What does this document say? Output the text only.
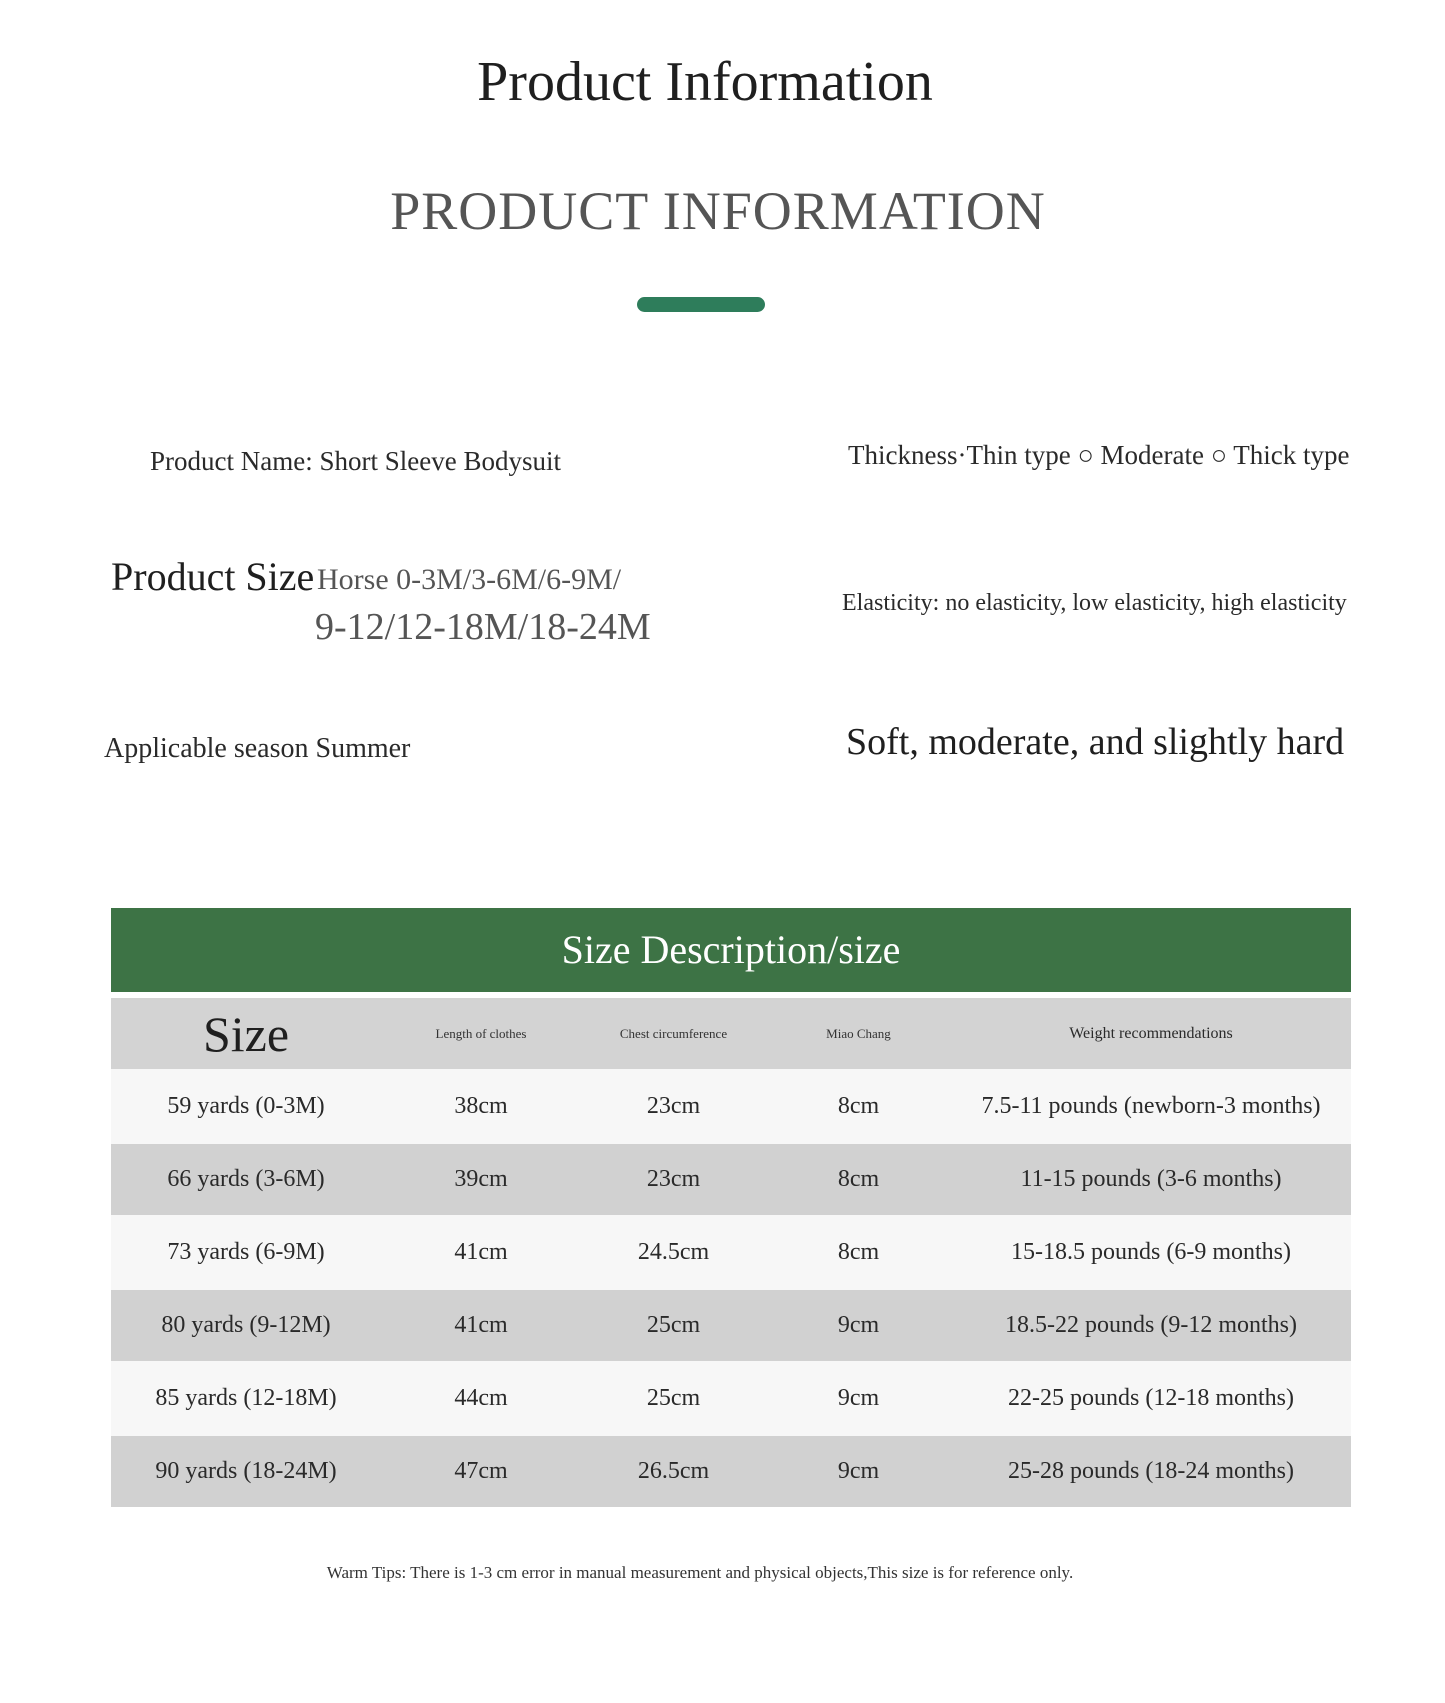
Product Information
PRODUCT INFORMATION
Product Name: Short Sleeve Bodysuit	Thickness·Thin type ○ Moderate ○ Thick type
Product Size Horse 0-3M/3-6M/6-9M/
9-12/12-18M/18-24M
Elasticity: no elasticity, low elasticity, high elasticity
Applicable season Summer	Soft, moderate, and slightly hard
Size Description/size
Size	Length of clothes	Chest circumference	Miao Chang	Weight recommendations
59 yards (0-3M)	38cm	23cm	8cm	7.5-11 pounds (newborn-3 months)
66 yards (3-6M)	39cm	23cm	8cm	11-15 pounds (3-6 months)
73 yards (6-9M)	41cm	24.5cm	8cm	15-18.5 pounds (6-9 months)
80 yards (9-12M)	41cm	25cm	9cm	18.5-22 pounds (9-12 months)
85 yards (12-18M)	44cm	25cm	9cm	22-25 pounds (12-18 months)
90 yards (18-24M)	47cm	26.5cm	9cm	25-28 pounds (18-24 months)
Warm Tips: There is 1-3 cm error in manual measurement and physical objects,This size is for reference only.
